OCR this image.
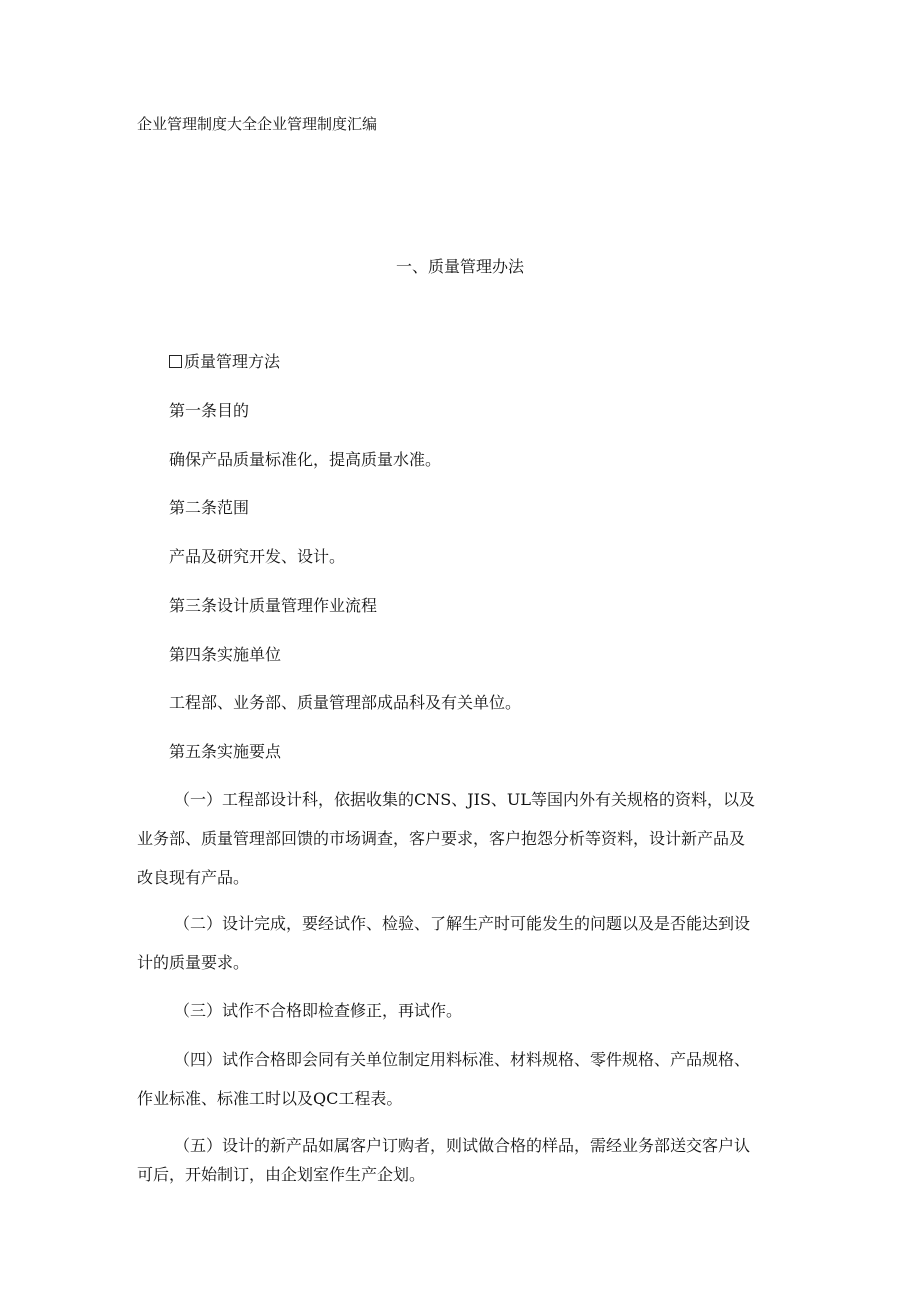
企业管理制度大全企业管理制度汇编
一、质量管理办法
质量管理方法
第一条目的
确保产品质量标准化，提高质量水准。
第二条范围
产品及研究开发、设计。
第三条设计质量管理作业流程
第四条实施单位
工程部、业务部、质量管理部成品科及有关单位。
第五条实施要点
（一）工程部设计科，依据收集的CNS、JIS、UL等国内外有关规格的资料，以及
业务部、质量管理部回馈的市场调查，客户要求，客户抱怨分析等资料，设计新产品及
改良现有产品。
（二）设计完成，要经试作、检验、了解生产时可能发生的问题以及是否能达到设
计的质量要求。
（三）试作不合格即检查修正，再试作。
（四）试作合格即会同有关单位制定用料标准、材料规格、零件规格、产品规格、
作业标准、标准工时以及QC工程表。
（五）设计的新产品如属客户订购者，则试做合格的样品，需经业务部送交客户认
可后，开始制订，由企划室作生产企划。
